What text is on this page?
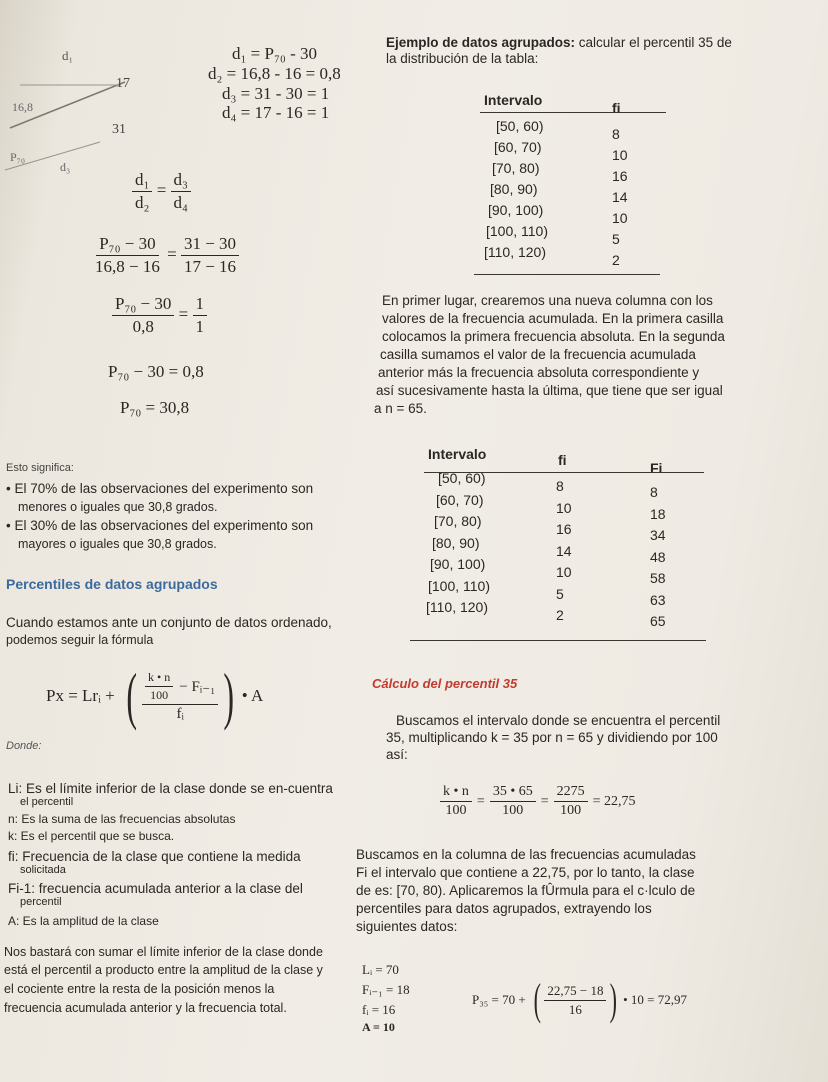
d₁
17
16,8
31
P₇₀
d₃
d₁ = P₇₀ - 30
d₂ = 16,8 - 16 = 0,8
d₃ = 31 - 30 = 1
d₄ = 17 - 16 = 1
$\frac{\text{d₁}}{\text{d₂}} = \frac{\text{d₃}}{\text{d₄}}$
$\frac{\text{P₇₀ − 30}}{16,8 - 16} = \frac{31 - 30}{17 - 16}$
$\frac{\text{P₇₀ − 30}}{0,8} = \frac{1}{1}$
P₇₀ − 30 = 0,8
P₇₀ = 30,8
Esto significa:
• El 70% de las observaciones del experimento son
menores o iguales que 30,8 grados.
• El 30% de las observaciones del experimento son
mayores o iguales que 30,8 grados.
Percentiles de datos agrupados
Cuando estamos ante un conjunto de datos ordenado,
podemos seguir la fórmula
Px = Lrᵢ + ( $\frac{\frac{k • n}{100} - Fᵢ_{-1}}{\text{fᵢ}}$ ) • A
Donde:
Li: Es el límite inferior de la clase donde se en-cuentra
el percentil
n: Es la suma de las frecuencias absolutas
k: Es el percentil que se busca.
fi: Frecuencia de la clase que contiene la medida
solicitada
Fi-1: frecuencia acumulada anterior a la clase del
percentil
A: Es la amplitud de la clase
Nos bastará con sumar el límite inferior de la clase donde
está el percentil a producto entre la amplitud de la clase y
el cociente entre la resta de la posición menos la
frecuencia acumulada anterior y la frecuencia total.
Ejemplo de datos agrupados: calcular el percentil 35 de
la distribución de la tabla:
Intervalo	fi
En primer lugar, crearemos una nueva columna con los
valores de la frecuencia acumulada. En la primera casilla
colocamos la primera frecuencia absoluta. En la segunda
casilla sumamos el valor de la frecuencia acumulada
anterior más la frecuencia absoluta correspondiente y
así sucesivamente hasta la última, que tiene que ser igual
a n = 65.
Intervalo	fi	Fi
Cálculo del percentil 35
Buscamos el intervalo donde se encuentra el percentil
35, multiplicando k = 35 por n = 65 y dividiendo por 100
así:
$\frac{k • n}{100} = \frac{35 • 65}{100} = \frac{2275}{100} = 22,75$
Buscamos en la columna de las frecuencias acumuladas
Fi el intervalo que contiene a 22,75, por lo tanto, la clase
de es: [70, 80). Aplicaremos la fÛrmula para el c·lculo de
percentiles para datos agrupados, extrayendo los
siguientes datos:
Lᵢ = 70
Fᵢ₋₁ = 18
fᵢ = 16
A = 10
P₃₅ = 70 + ( $\frac{22,75 - 18}{16}$ ) • 10 = 72,97
[50, 60)	8
[60, 70)	10
[70, 80)	16
[80, 90)	14
[90, 100)	10
[100, 110)	5
[110, 120)	2
[50, 60)	8	8
[60, 70)	10	18
[70, 80)	16	34
[80, 90)	14	48
[90, 100)	10	58
[100, 110)	5	63
[110, 120)	2	65
